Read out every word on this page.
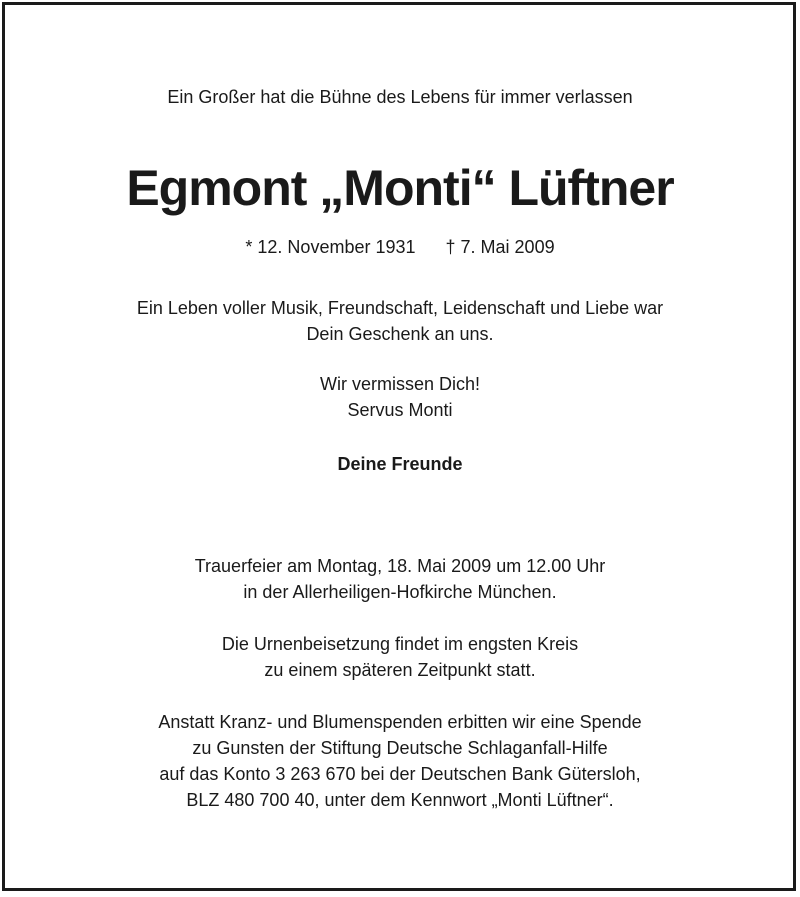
Ein Großer hat die Bühne des Lebens für immer verlassen
Egmont „Monti“ Lüftner
* 12. November 1931 † 7. Mai 2009
Ein Leben voller Musik, Freundschaft, Leidenschaft und Liebe war
Dein Geschenk an uns.
Wir vermissen Dich!
Servus Monti
Deine Freunde
Trauerfeier am Montag, 18. Mai 2009 um 12.00 Uhr
in der Allerheiligen-Hofkirche München.
Die Urnenbeisetzung findet im engsten Kreis
zu einem späteren Zeitpunkt statt.
Anstatt Kranz- und Blumenspenden erbitten wir eine Spende
zu Gunsten der Stiftung Deutsche Schlaganfall-Hilfe
auf das Konto 3 263 670 bei der Deutschen Bank Gütersloh,
BLZ 480 700 40, unter dem Kennwort „Monti Lüftner“.
